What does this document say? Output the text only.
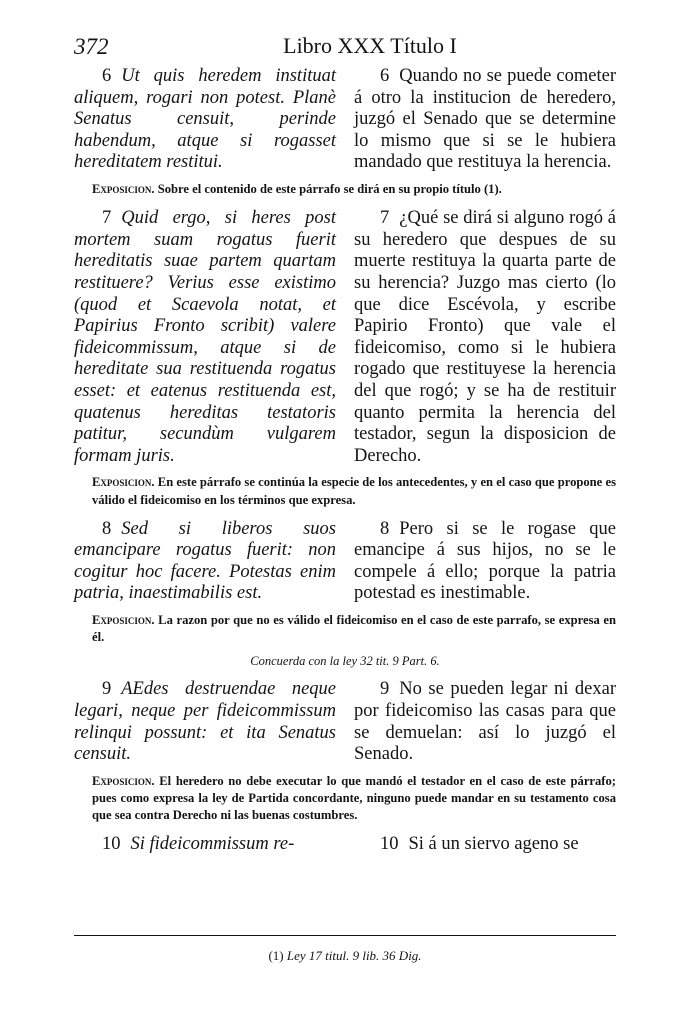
372	Libro XXX Título I
6 Ut quis heredem instituat aliquem, rogari non potest. Planè Senatus censuit, perinde habendum, atque si rogasset hereditatem restitui.
6 Quando no se puede cometer á otro la institucion de heredero, juzgó el Senado que se determine lo mismo que si se le hubiera mandado que restituya la herencia.
Exposicion. Sobre el contenido de este párrafo se dirá en su propio título (1).
7 Quid ergo, si heres post mortem suam rogatus fuerit hereditatis suae partem quartam restituere? Verius esse existimo (quod et Scaevola notat, et Papirius Fronto scribit) valere fideicommissum, atque si de hereditate sua restituenda rogatus esset: et eatenus restituenda est, quatenus hereditas testatoris patitur, secundùm vulgarem formam juris.
7 ¿Qué se dirá si alguno rogó á su heredero que despues de su muerte restituya la quarta parte de su herencia? Juzgo mas cierto (lo que dice Escévola, y escribe Papirio Fronto) que vale el fideicomiso, como si le hubiera rogado que restituyese la herencia del que rogó; y se ha de restituir quanto permita la herencia del testador, segun la disposicion de Derecho.
Exposicion. En este párrafo se continúa la especie de los antecedentes, y en el caso que propone es válido el fideicomiso en los términos que expresa.
8 Sed si liberos suos emancipare rogatus fuerit: non cogitur hoc facere. Potestas enim patria, inaestimabilis est.
8 Pero si se le rogase que emancipe á sus hijos, no se le compele á ello; porque la patria potestad es inestimable.
Exposicion. La razon por que no es válido el fideicomiso en el caso de este parrafo, se expresa en él.
Concuerda con la ley 32 tit. 9 Part. 6.
9 AEdes destruendae neque legari, neque per fideicommissum relinqui possunt: et ita Senatus censuit.
9 No se pueden legar ni dexar por fideicomiso las casas para que se demuelan: así lo juzgó el Senado.
Exposicion. El heredero no debe executar lo que mandó el testador en el caso de este párrafo; pues como expresa la ley de Partida concordante, ninguno puede mandar en su testamento cosa que sea contra Derecho ni las buenas costumbres.
10 Si fideicommissum re-	10 Si á un siervo ageno se
(1) Ley 17 titul. 9 lib. 36 Dig.
